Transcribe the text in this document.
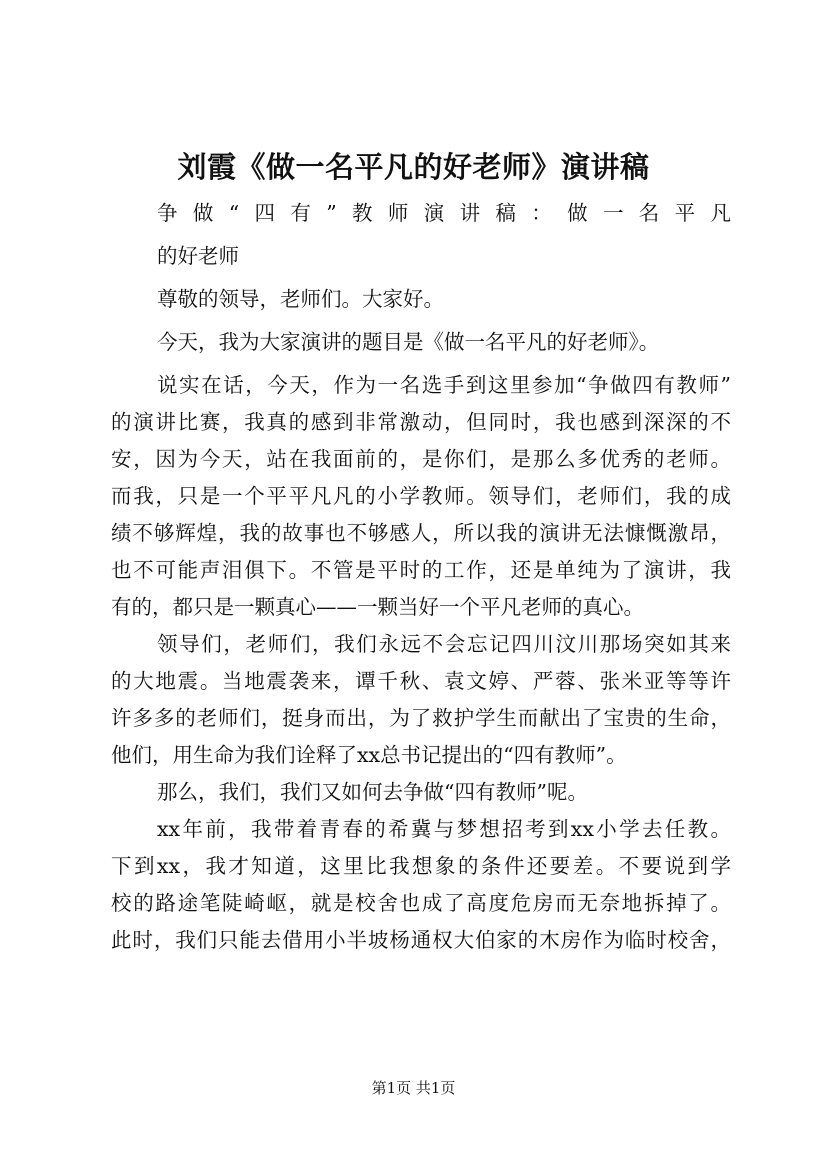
刘霞《做一名平凡的好老师》演讲稿
争做“四有”教师演讲稿：做一名平凡
的好老师
尊敬的领导，老师们。大家好。
今天，我为大家演讲的题目是《做一名平凡的好老师》。
说实在话，今天，作为一名选手到这里参加“争做四有教师”
的演讲比赛，我真的感到非常激动，但同时，我也感到深深的不
安，因为今天，站在我面前的，是你们，是那么多优秀的老师。
而我，只是一个平平凡凡的小学教师。领导们，老师们，我的成
绩不够辉煌，我的故事也不够感人，所以我的演讲无法慷慨激昂，
也不可能声泪俱下。不管是平时的工作，还是单纯为了演讲，我
有的，都只是一颗真心——一颗当好一个平凡老师的真心。
领导们，老师们，我们永远不会忘记四川汶川那场突如其来
的大地震。当地震袭来，谭千秋、袁文婷、严蓉、张米亚等等许
许多多的老师们，挺身而出，为了救护学生而献出了宝贵的生命，
他们，用生命为我们诠释了xx总书记提出的“四有教师”。
那么，我们，我们又如何去争做“四有教师”呢。
xx年前，我带着青春的希冀与梦想招考到xx小学去任教。
下到xx，我才知道，这里比我想象的条件还要差。不要说到学
校的路途笔陡崎岖，就是校舍也成了高度危房而无奈地拆掉了。
此时，我们只能去借用小半坡杨通权大伯家的木房作为临时校舍，
第1页 共1页
